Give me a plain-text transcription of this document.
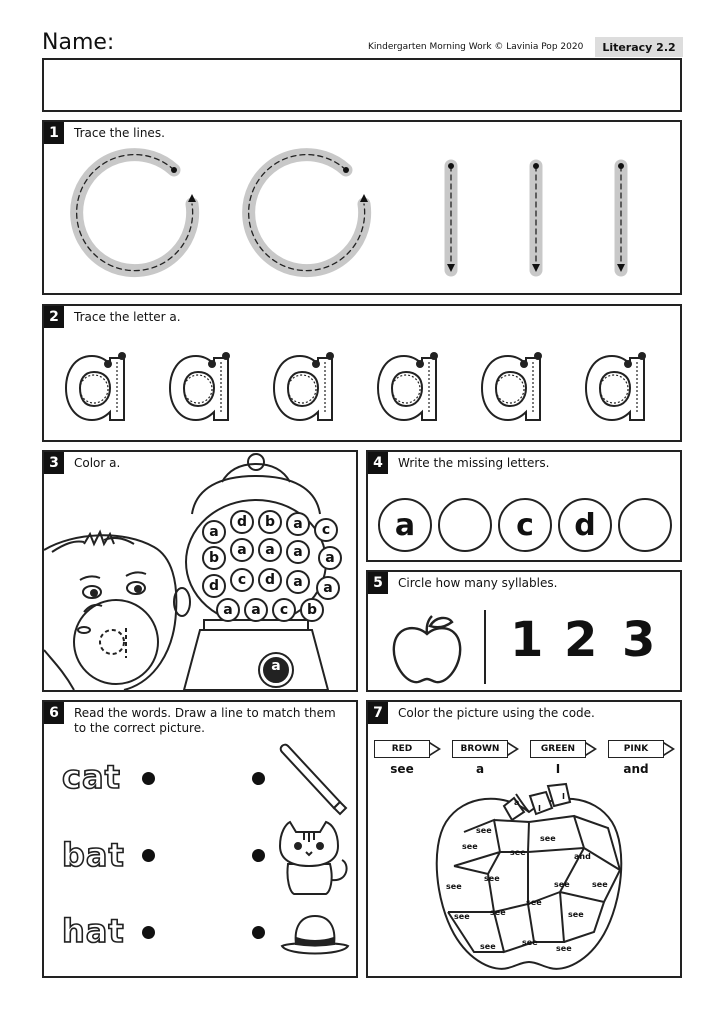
Name:	Kindergarten Morning Work © Lavinia Pop 2020	Literacy 2.2
1	Trace the lines.
2	Trace the letter a.
3	Color a.
a
d	b	a	c
b	a	a	a	a
d	c	d	a	a
a	a	c	b
a
4	Write the missing letters.
a	c	d
5	Circle how many syllables.
1 2 3
6	Read the words. Draw a line to match them to the correct picture.
cat
bat
hat
7	Color the picture using the code.
RED	BROWN	GREEN	PINK
see	a	I	and
a
I
I
see
see
see
see
and
see
see
see	see
see	see
see
see
see	see
see
